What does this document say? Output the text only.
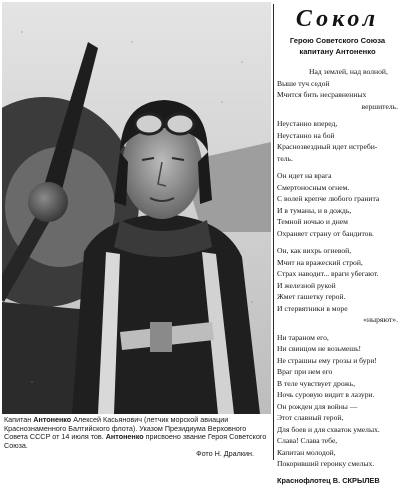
Капитан Антоненко Алексей Касьянович (летчик морской авиации Краснознаменного Балтийского флота). Указом Президиума Верховного Совета СССР от 14 июля тов. Антоненко присвоено звание Героя Советского Союза.
Фото Н. Дралкин.
Сокол
Герою Советского Союза
капитану Антоненко
Над землей, над волной,
Выше туч седой
Мчится бить несравненных
вершитель.
Неустанно вперед,
Неустанно на бой
Краснозвездный идет истреби-
тель.
Он идет на врага
Смертоносным огнем.
С волей крепче любого гранита
И в туманы, и в дождь,
Темной ночью и днем
Охраняет страну от бандитов.
Он, как вихрь огневой,
Мчит на вражеский строй,
Страх наводит... враги убегают.
И железной рукой
Жмет гашетку герой.
И стервятники в море
«ныряют».
Ни тараном его,
Ни свинцом не возьмешь!
Не страшны ему грозы и бури!
Враг при нем его
В теле чувствует дрожь,
Ночь суровую видит в лазури.
Он рожден для войны —
Этот славный герой,
Для боев и для схваток умелых.
Слава! Слава тебе,
Капитан молодой,
Покоривший героику смелых.
Краснофлотец В. СКРЫЛЕВ
